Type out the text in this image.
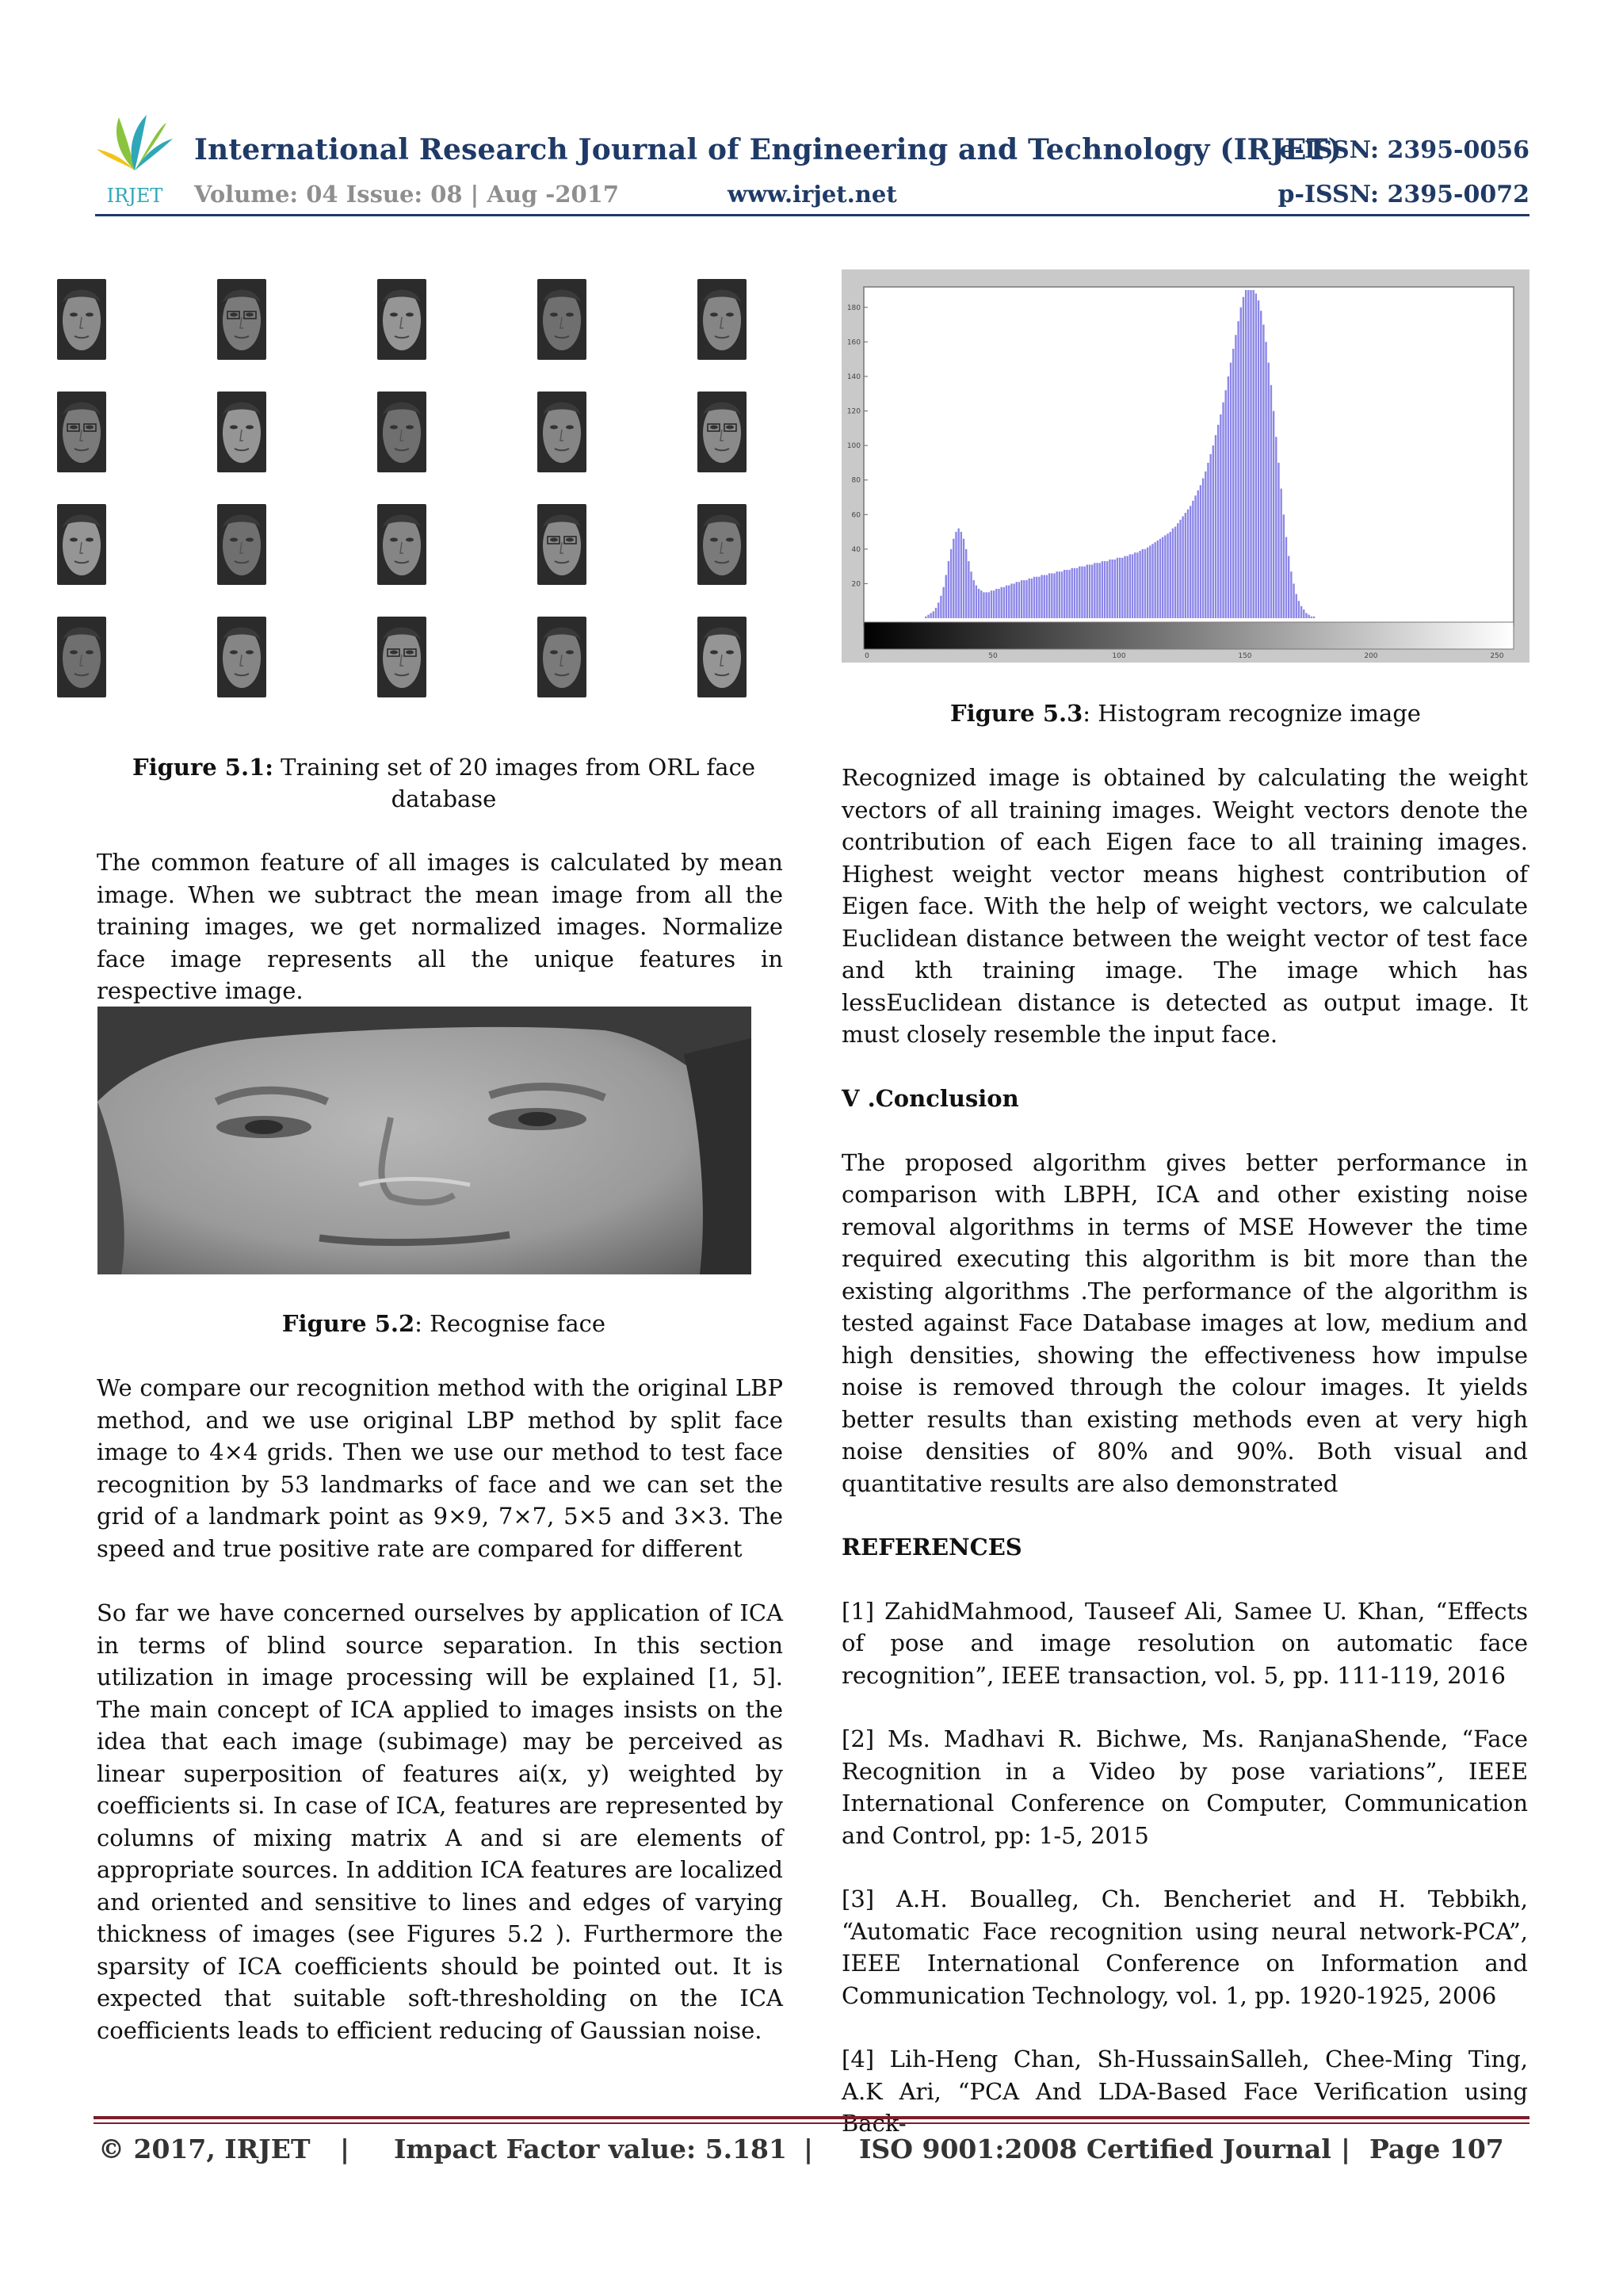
IRJET
International Research Journal of Engineering and Technology (IRJET)
Volume: 04 Issue: 08 | Aug -2017	www.irjet.net
e-ISSN: 2395-0056
p-ISSN: 2395-0072
Figure 5.1: Training set of 20 images from ORL face database

The common feature of all images is calculated by mean image. When we subtract the mean image from all the training images, we get normalized images. Normalize face image represents all the unique features in respective image.

Figure 5.2: Recognise face

We compare our recognition method with the original LBP method, and we use original LBP method by split face image to 4×4 grids. Then we use our method to test face recognition by 53 landmarks of face and we can set the grid of a landmark point as 9×9, 7×7, 5×5 and 3×3. The speed and true positive rate are compared for different

So far we have concerned ourselves by application of ICA in terms of blind source separation. In this section utilization in image processing will be explained [1, 5]. The main concept of ICA applied to images insists on the idea that each image (subimage) may be perceived as linear superposition of features ai(x, y) weighted by coefficients si. In case of ICA, features are represented by columns of mixing matrix A and si are elements of appropriate sources. In addition ICA features are localized and oriented and sensitive to lines and edges of varying thickness of images (see Figures 5.2 ). Furthermore the sparsity of ICA coefficients should be pointed out. It is expected that suitable soft-thresholding on the ICA coefficients leads to efficient reducing of Gaussian noise.

180
160
140
120
100
80
60
40
20
0	50	100	150	200	250
Figure 5.3: Histogram recognize image

Recognized image is obtained by calculating the weight vectors of all training images. Weight vectors denote the contribution of each Eigen face to all training images. Highest weight vector means highest contribution of Eigen face. With the help of weight vectors, we calculate Euclidean distance between the weight vector of test face and kth training image. The image which has lessEuclidean distance is detected as output image. It must closely resemble the input face.

V .Conclusion

The proposed algorithm gives better performance in comparison with LBPH, ICA and other existing noise removal algorithms in terms of MSE However the time required executing this algorithm is bit more than the existing algorithms .The performance of the algorithm is tested against Face Database images at low, medium and high densities, showing the effectiveness how impulse noise is removed through the colour images. It yields better results than existing methods even at very high noise densities of 80% and 90%. Both visual and quantitative results are also demonstrated

REFERENCES

[1] ZahidMahmood, Tauseef Ali, Samee U. Khan, “Effects of pose and image resolution on automatic face recognition”, IEEE transaction, vol. 5, pp. 111-119, 2016

[2] Ms. Madhavi R. Bichwe, Ms. RanjanaShende, “Face Recognition in a Video by pose variations”, IEEE International Conference on Computer, Communication and Control, pp: 1-5, 2015

[3] A.H. Boualleg, Ch. Bencheriet and H. Tebbikh, “Automatic Face recognition using neural network-PCA”, IEEE International Conference on Information and Communication Technology, vol. 1, pp. 1920-1925, 2006

[4] Lih-Heng Chan, Sh-HussainSalleh, Chee-Ming Ting, A.K Ari, “PCA And LDA-Based Face Verification using Back-

© 2017, IRJET | Impact Factor value: 5.181 | ISO 9001:2008 Certified Journal | Page 107
